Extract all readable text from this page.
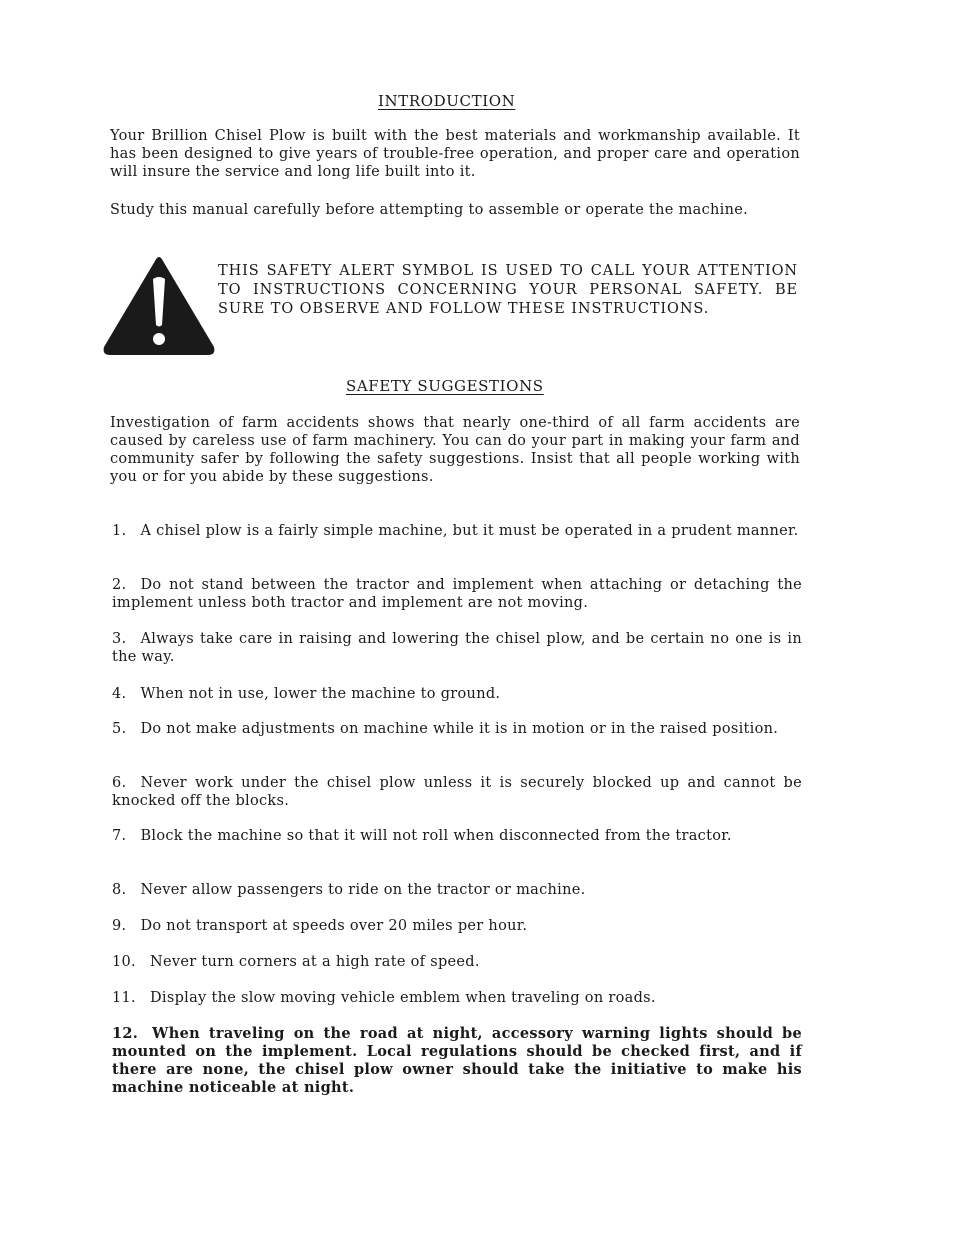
INTRODUCTION
Your Brillion Chisel Plow is built with the best materials and workmanship available. It has been designed to give years of trouble-free operation, and proper care and operation will insure the service and long life built into it.
Study this manual carefully before attempting to assemble or operate the machine.
THIS SAFETY ALERT SYMBOL IS USED TO CALL YOUR ATTENTION TO INSTRUCTIONS CONCERNING YOUR PERSONAL SAFETY. BE SURE TO OBSERVE AND FOLLOW THESE INSTRUCTIONS.
SAFETY SUGGESTIONS
Investigation of farm accidents shows that nearly one-third of all farm accidents are caused by careless use of farm machinery. You can do your part in making your farm and community safer by following the safety suggestions. Insist that all people working with you or for you abide by these suggestions.
1. A chisel plow is a fairly simple machine, but it must be operated in a prudent manner.
2. Do not stand between the tractor and implement when attaching or detaching the implement unless both tractor and implement are not moving.
3. Always take care in raising and lowering the chisel plow, and be certain no one is in the way.
4. When not in use, lower the machine to ground.
5. Do not make adjustments on machine while it is in motion or in the raised position.
6. Never work under the chisel plow unless it is securely blocked up and cannot be knocked off the blocks.
7. Block the machine so that it will not roll when disconnected from the tractor.
8. Never allow passengers to ride on the tractor or machine.
9. Do not transport at speeds over 20 miles per hour.
10. Never turn corners at a high rate of speed.
11. Display the slow moving vehicle emblem when traveling on roads.
12. When traveling on the road at night, accessory warning lights should be mounted on the implement. Local regulations should be checked first, and if there are none, the chisel plow owner should take the initiative to make his machine noticeable at night.
